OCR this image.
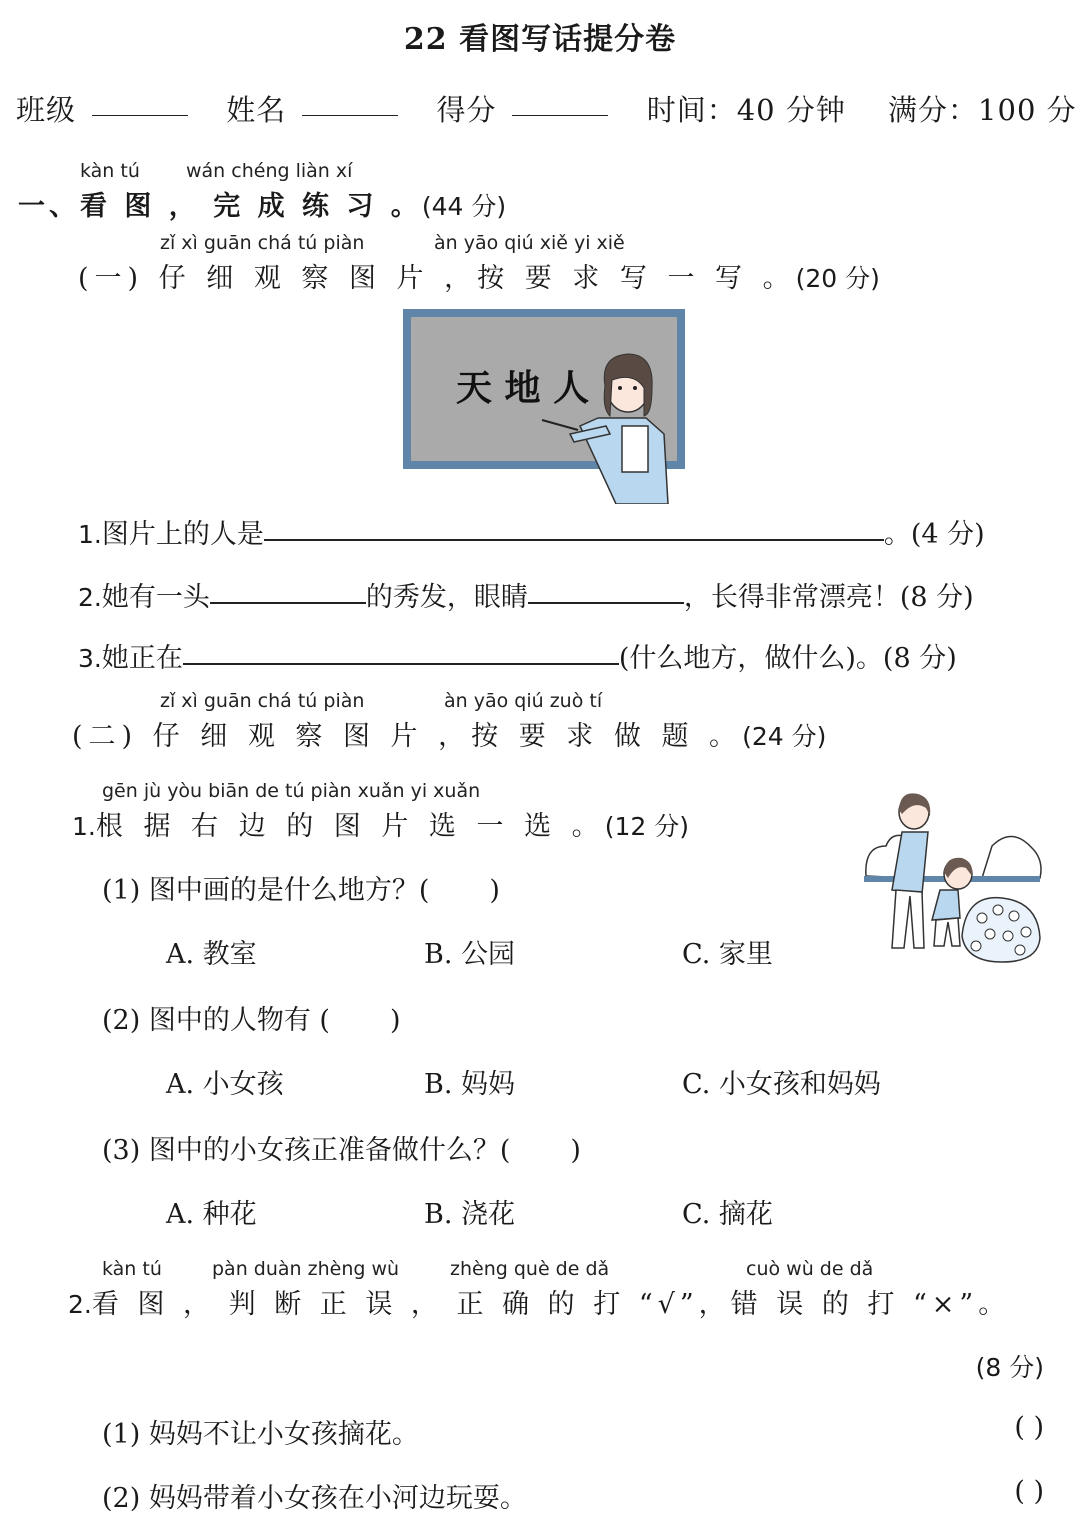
22 看图写话提分卷
班级	姓名	得分	时间：40 分钟 满分：100 分
kàn tú wán chéng liàn xí
一、看 图 ， 完 成 练 习 。(44 分)
zǐ xì guān chá tú piàn	àn yāo qiú xiě yi xiě
(一) 仔 细 观 察 图 片 ，按 要 求 写 一 写 。(20 分)
天 地 人
1.图片上的人是	。(4 分)
2.她有一头	的秀发，眼睛	，长得非常漂亮！(8 分)
3.她正在	(什么地方，做什么)。(8 分)
zǐ xì guān chá tú piàn	àn yāo qiú zuò tí
(二) 仔 细 观 察 图 片 ，按 要 求 做 题 。(24 分)
gēn jù yòu biān de tú piàn xuǎn yi xuǎn
1.根 据 右 边 的 图 片 选 一 选 。(12 分)
(1) 图中画的是什么地方？( )
A. 教室	B. 公园	C. 家里
(2) 图中的人物有 ( )
A. 小女孩	B. 妈妈	C. 小女孩和妈妈
(3) 图中的小女孩正准备做什么？( )
A. 种花	B. 浇花	C. 摘花
kàn tú	pàn duàn zhèng wù	zhèng què de dǎ	cuò wù de dǎ
2.看 图 ， 判 断 正 误 ， 正 确 的 打 “√”，错 误 的 打 “×”。
(8 分)
(1) 妈妈不让小女孩摘花。	( )
(2) 妈妈带着小女孩在小河边玩耍。	( )
